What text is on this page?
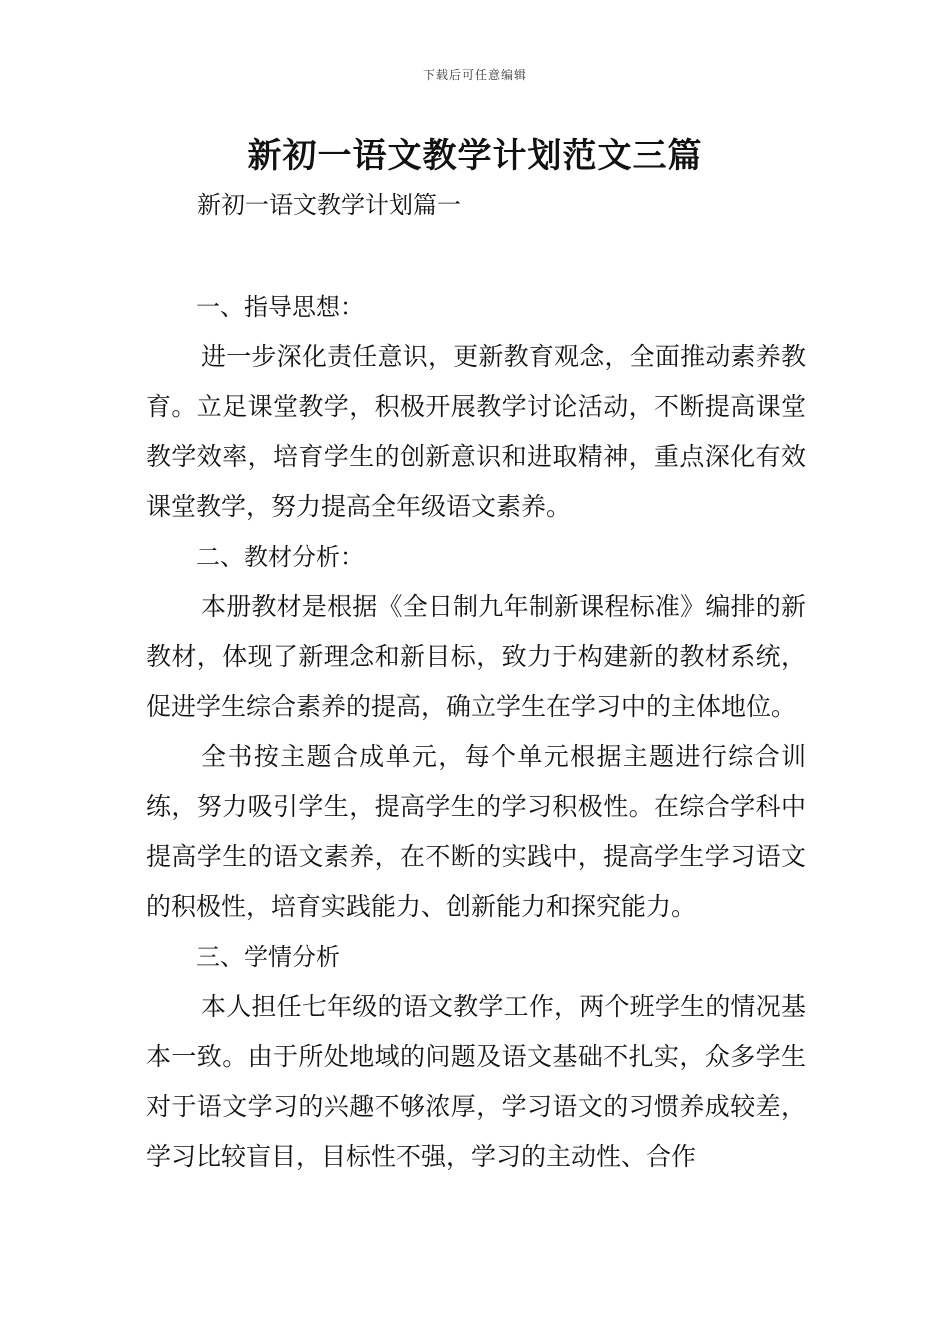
下载后可任意编辑
新初一语文教学计划范文三篇

新初一语文教学计划篇一

一、指导思想：

进一步深化责任意识，更新教育观念，全面推动素养教育。立足课堂教学，积极开展教学讨论活动，不断提高课堂教学效率，培育学生的创新意识和进取精神，重点深化有效课堂教学，努力提高全年级语文素养。

二、教材分析：

本册教材是根据《全日制九年制新课程标准》编排的新教材，体现了新理念和新目标，致力于构建新的教材系统，促进学生综合素养的提高，确立学生在学习中的主体地位。

全书按主题合成单元，每个单元根据主题进行综合训练，努力吸引学生，提高学生的学习积极性。在综合学科中提高学生的语文素养，在不断的实践中，提高学生学习语文的积极性，培育实践能力、创新能力和探究能力。

三、学情分析

本人担任七年级的语文教学工作，两个班学生的情况基本一致。由于所处地域的问题及语文基础不扎实，众多学生对于语文学习的兴趣不够浓厚，学习语文的习惯养成较差，学习比较盲目，目标性不强，学习的主动性、合作
